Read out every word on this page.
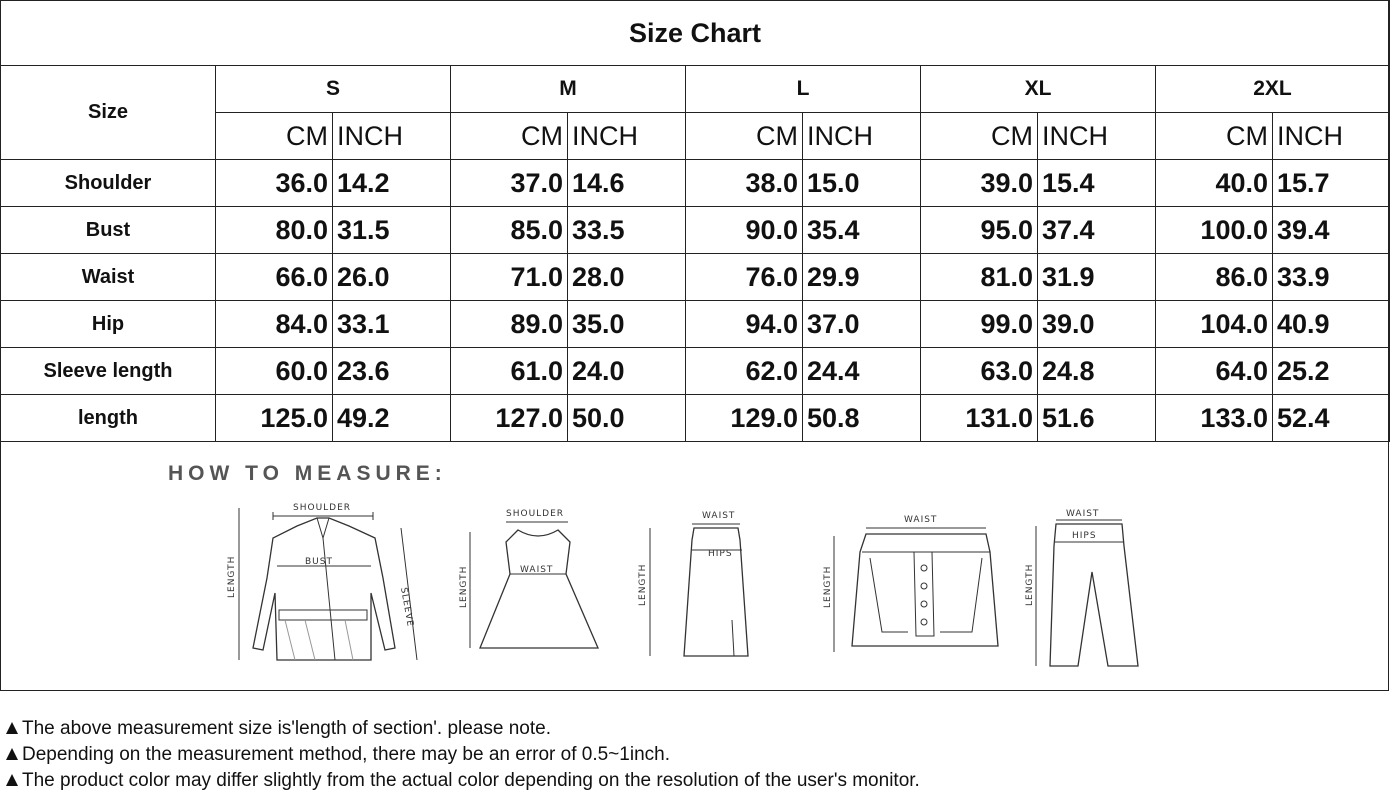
Size Chart										
Size	S		M		L		XL		2XL	
	CM	INCH	CM	INCH	CM	INCH	CM	INCH	CM	INCH
Shoulder	36.0	14.2	37.0	14.6	38.0	15.0	39.0	15.4	40.0	15.7
Bust	80.0	31.5	85.0	33.5	90.0	35.4	95.0	37.4	100.0	39.4
Waist	66.0	26.0	71.0	28.0	76.0	29.9	81.0	31.9	86.0	33.9
Hip	84.0	33.1	89.0	35.0	94.0	37.0	99.0	39.0	104.0	40.9
Sleeve length	60.0	23.6	61.0	24.0	62.0	24.4	63.0	24.8	64.0	25.2
length	125.0	49.2	127.0	50.0	129.0	50.8	131.0	51.6	133.0	52.4
HOW TO MEASURE:
SHOULDER
LENGTH	BUST
SLEEVE
SHOULDER
LENGTH	WAIST
WAIST
LENGTH
HIPS
WAIST
LENGTH
WAIST
LENGTH
HIPS
The above measurement size is'length of section'. please note.
Depending on the measurement method, there may be an error of 0.5~1inch.
The product color may differ slightly from the actual color depending on the resolution of the user's monitor.
